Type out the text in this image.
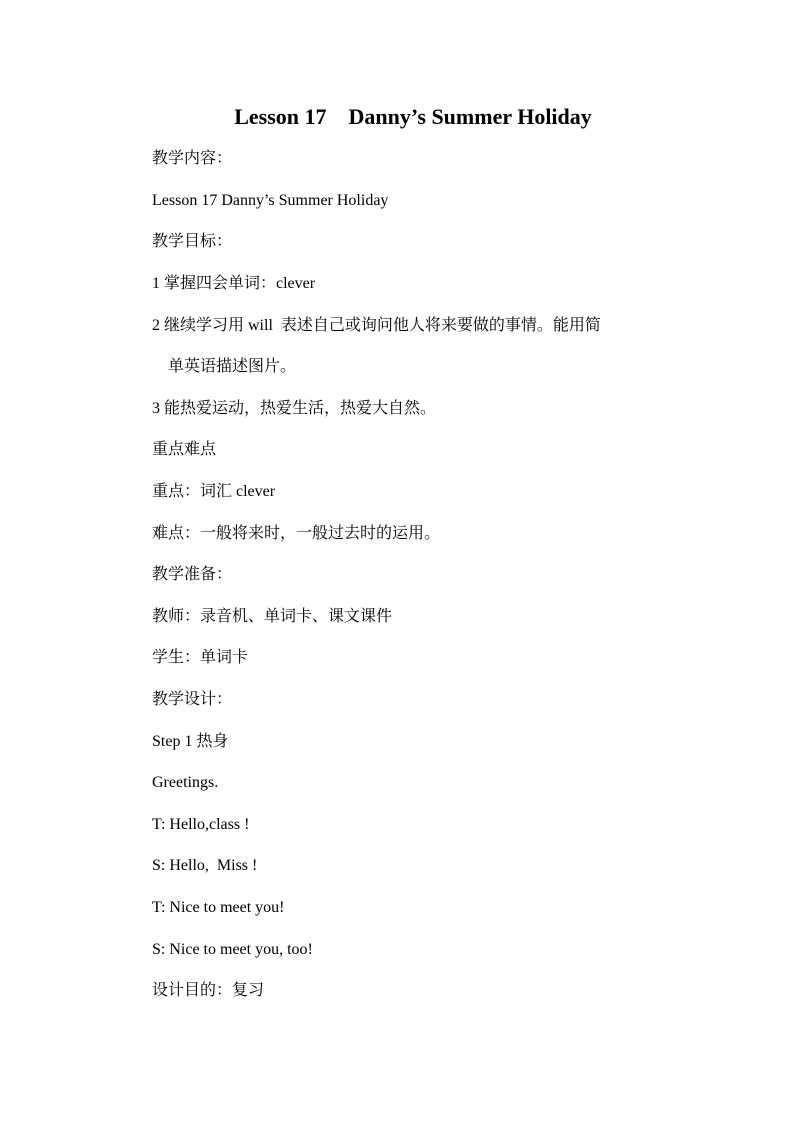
Lesson 17    Danny’s Summer Holiday
教学内容：
Lesson 17 Danny’s Summer Holiday
教学目标：
1 掌握四会单词：clever
2 继续学习用 will  表述自己或询问他人将来要做的事情。能用简
单英语描述图片。
3 能热爱运动，热爱生活，热爱大自然。
重点难点
重点：词汇 clever
难点：一般将来时，一般过去时的运用。
教学准备：
教师：录音机、单词卡、课文课件
学生：单词卡
教学设计：
Step 1 热身
Greetings.
T: Hello,class !
S: Hello,  Miss !
T: Nice to meet you!
S: Nice to meet you, too!
设计目的：复习
